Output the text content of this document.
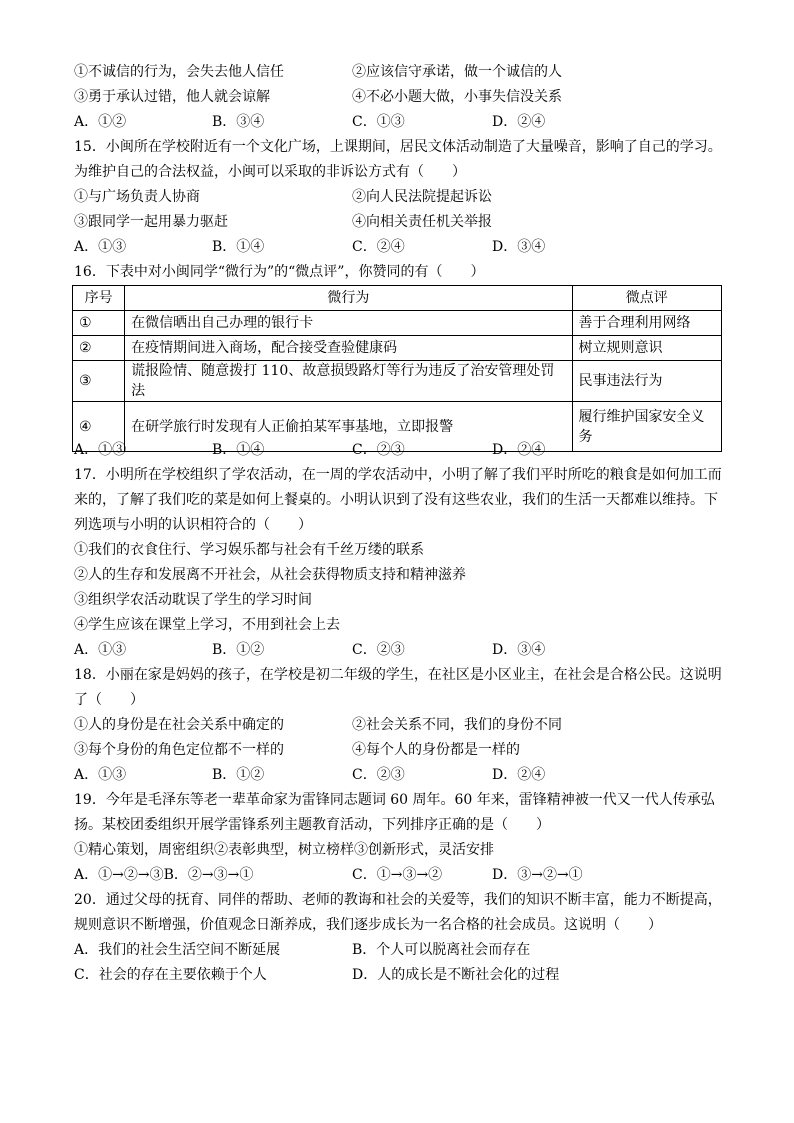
①不诚信的行为，会失去他人信任	②应该信守承诺，做一个诚信的人
③勇于承认过错，他人就会谅解	④不必小题大做，小事失信没关系
A．①②	B．③④	C．①③	D．②④
15．小闽所在学校附近有一个文化广场，上课期间，居民文体活动制造了大量噪音，影响了自己的学习。
为维护自己的合法权益，小闽可以采取的非诉讼方式有（　　）
①与广场负责人协商	②向人民法院提起诉讼
③跟同学一起用暴力驱赶	④向相关责任机关举报
A．①③	B．①④	C．②④	D．③④
16．下表中对小闽同学“微行为”的“微点评”，你赞同的有（　　）
序号	微行为	微点评
①	在微信晒出自己办理的银行卡	善于合理利用网络
②	在疫情期间进入商场，配合接受查验健康码	树立规则意识
③	谎报险情、随意拨打 110、故意损毁路灯等行为违反了治安管理处罚法	民事违法行为
④	在研学旅行时发现有人正偷拍某军事基地，立即报警	履行维护国家安全义务
A．①③	B．①④	C．②③	D．②④
17．小明所在学校组织了学农活动，在一周的学农活动中，小明了解了我们平时所吃的粮食是如何加工而
来的，了解了我们吃的菜是如何上餐桌的。小明认识到了没有这些农业，我们的生活一天都难以维持。下
列选项与小明的认识相符合的（　　）
①我们的衣食住行、学习娱乐都与社会有千丝万缕的联系
②人的生存和发展离不开社会，从社会获得物质支持和精神滋养
③组织学农活动耽误了学生的学习时间
④学生应该在课堂上学习，不用到社会上去
A．①③	B．①②	C．②③	D．③④
18．小丽在家是妈妈的孩子，在学校是初二年级的学生，在社区是小区业主，在社会是合格公民。这说明
了（　　）
①人的身份是在社会关系中确定的	②社会关系不同，我们的身份不同
③每个身份的角色定位都不一样的	④每个人的身份都是一样的
A．①③	B．①②	C．②③	D．②④
19．今年是毛泽东等老一辈革命家为雷锋同志题词 60 周年。60 年来，雷锋精神被一代又一代人传承弘
扬。某校团委组织开展学雷锋系列主题教育活动，下列排序正确的是（　　）
①精心策划，周密组织②表彰典型，树立榜样③创新形式，灵活安排
A．①→②→③B．②→③→①	C．①→③→②	D．③→②→①
20．通过父母的抚育、同伴的帮助、老师的教诲和社会的关爱等，我们的知识不断丰富，能力不断提高，
规则意识不断增强，价值观念日渐养成，我们逐步成长为一名合格的社会成员。这说明（　　）
A．我们的社会生活空间不断延展	B．个人可以脱离社会而存在
C．社会的存在主要依赖于个人	D．人的成长是不断社会化的过程
